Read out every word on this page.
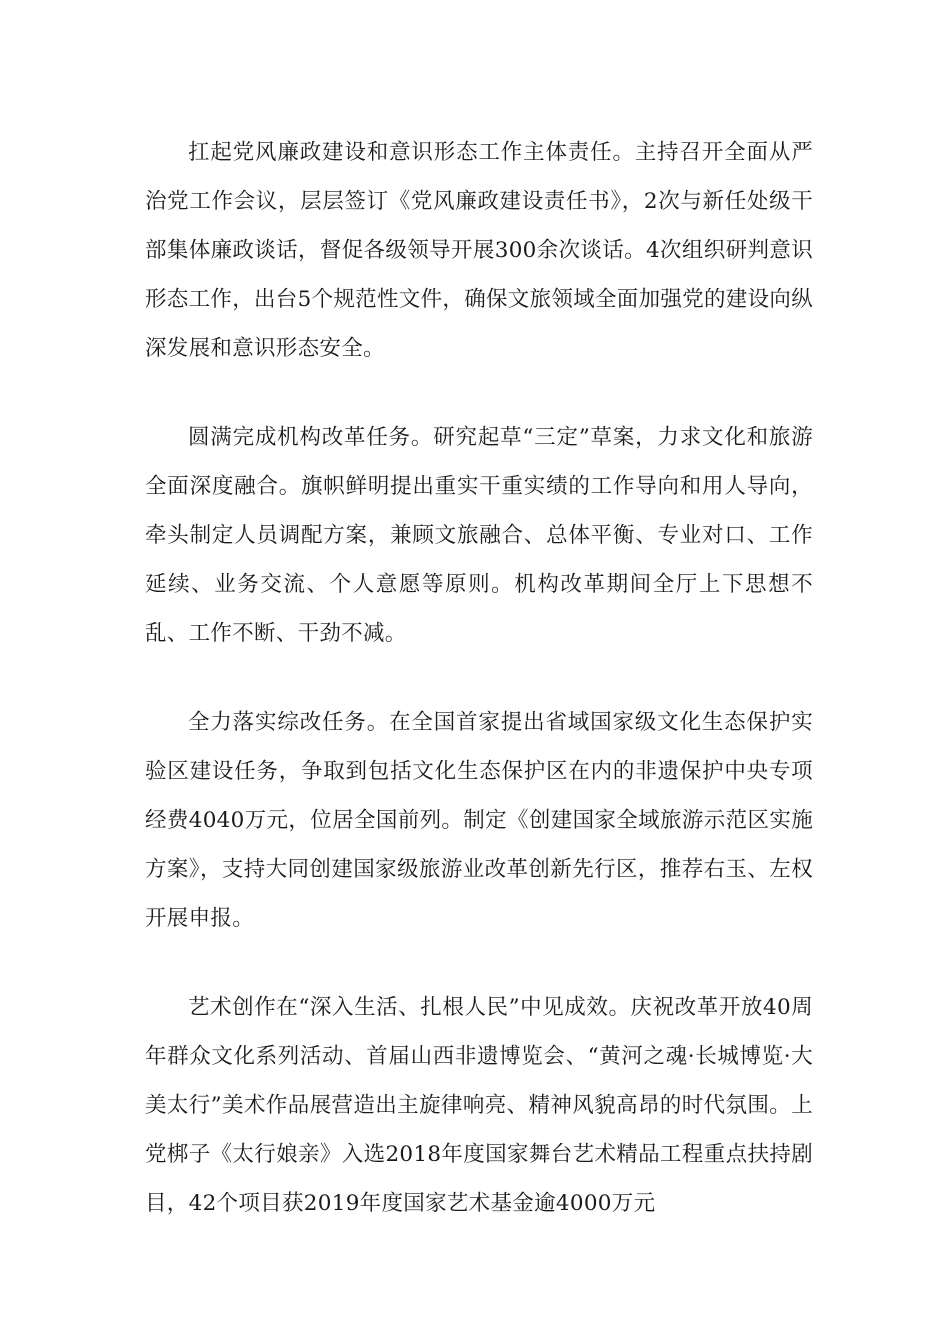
扛起党风廉政建设和意识形态工作主体责任。主持召开全面从严治党工作会议，层层签订《党风廉政建设责任书》，2次与新任处级干部集体廉政谈话，督促各级领导开展300余次谈话。4次组织研判意识形态工作，出台5个规范性文件，确保文旅领域全面加强党的建设向纵深发展和意识形态安全。

圆满完成机构改革任务。研究起草“三定”草案，力求文化和旅游全面深度融合。旗帜鲜明提出重实干重实绩的工作导向和用人导向，牵头制定人员调配方案，兼顾文旅融合、总体平衡、专业对口、工作延续、业务交流、个人意愿等原则。机构改革期间全厅上下思想不乱、工作不断、干劲不减。

全力落实综改任务。在全国首家提出省域国家级文化生态保护实验区建设任务，争取到包括文化生态保护区在内的非遗保护中央专项经费4040万元，位居全国前列。制定《创建国家全域旅游示范区实施方案》，支持大同创建国家级旅游业改革创新先行区，推荐右玉、左权开展申报。

艺术创作在“深入生活、扎根人民”中见成效。庆祝改革开放40周年群众文化系列活动、首届山西非遗博览会、“黄河之魂·长城博览·大美太行”美术作品展营造出主旋律响亮、精神风貌高昂的时代氛围。上党梆子《太行娘亲》入选2018年度国家舞台艺术精品工程重点扶持剧目，42个项目获2019年度国家艺术基金逾4000万元
